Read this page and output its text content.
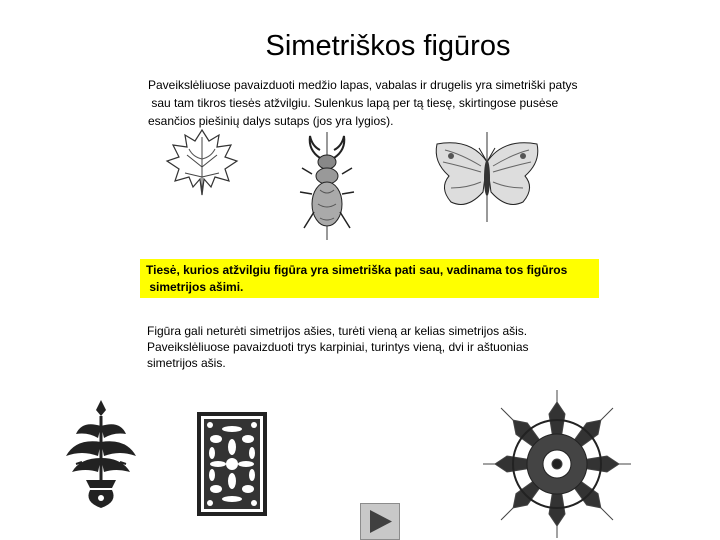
Simetriškos figūros
Paveikslėliuose pavaizduoti medžio lapas, vabalas ir drugelis yra simetriški patys
sau tam tikros tiesės atžvilgiu. Sulenkus lapą per tą tiesę, skirtingose pusėse
esančios piešinių dalys sutaps (jos yra lygios).
Tiesė, kurios atžvilgiu figūra yra simetriška pati sau, vadinama tos figūros
simetrijos ašimi.
Figūra gali neturėti simetrijos ašies, turėti vieną ar kelias simetrijos ašis.
Paveikslėliuose pavaizduoti trys karpiniai, turintys vieną, dvi ir aštuonias
simetrijos ašis.
